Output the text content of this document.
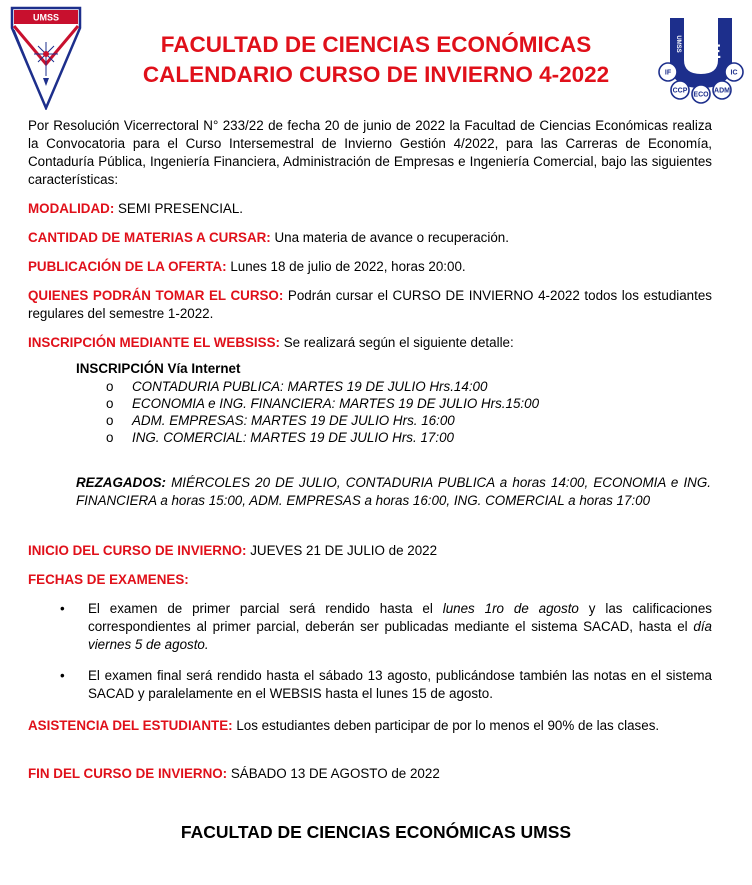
UMSS
FCE
UMSS
IF	IC
CCP
ECO
ADM
FACULTAD DE CIENCIAS ECONÓMICAS
CALENDARIO CURSO DE INVIERNO 4-2022
Por Resolución Vicerrectoral N° 233/22 de fecha 20 de junio de 2022 la Facultad de Ciencias Económicas realiza la Convocatoria para el Curso Intersemestral de Invierno Gestión 4/2022, para las Carreras de Economía, Contaduría Pública, Ingeniería Financiera, Administración de Empresas e Ingeniería Comercial, bajo las siguientes características:
MODALIDAD: SEMI PRESENCIAL.
CANTIDAD DE MATERIAS A CURSAR: Una materia de avance o recuperación.
PUBLICACIÓN DE LA OFERTA: Lunes 18 de julio de 2022, horas 20:00.
QUIENES PODRÁN TOMAR EL CURSO: Podrán cursar el CURSO DE INVIERNO 4-2022 todos los estudiantes regulares del semestre 1-2022.
INSCRIPCIÓN MEDIANTE EL WEBSISS: Se realizará según el siguiente detalle:
INSCRIPCIÓN Vía Internet
o CONTADURIA PUBLICA: MARTES 19 DE JULIO Hrs.14:00
o ECONOMIA e ING. FINANCIERA: MARTES 19 DE JULIO Hrs.15:00
o ADM. EMPRESAS: MARTES 19 DE JULIO Hrs. 16:00
o ING. COMERCIAL: MARTES 19 DE JULIO Hrs. 17:00
REZAGADOS: MIÉRCOLES 20 DE JULIO, CONTADURIA PUBLICA a horas 14:00, ECONOMIA e ING. FINANCIERA a horas 15:00, ADM. EMPRESAS a horas 16:00, ING. COMERCIAL a horas 17:00
INICIO DEL CURSO DE INVIERNO: JUEVES 21 DE JULIO de 2022
FECHAS DE EXAMENES:
• El examen de primer parcial será rendido hasta el lunes 1ro de agosto y las calificaciones correspondientes al primer parcial, deberán ser publicadas mediante el sistema SACAD, hasta el día viernes 5 de agosto.
• El examen final será rendido hasta el sábado 13 agosto, publicándose también las notas en el sistema SACAD y paralelamente en el WEBSIS hasta el lunes 15 de agosto.
ASISTENCIA DEL ESTUDIANTE: Los estudiantes deben participar de por lo menos el 90% de las clases.
FIN DEL CURSO DE INVIERNO: SÁBADO 13 DE AGOSTO de 2022
FACULTAD DE CIENCIAS ECONÓMICAS UMSS
